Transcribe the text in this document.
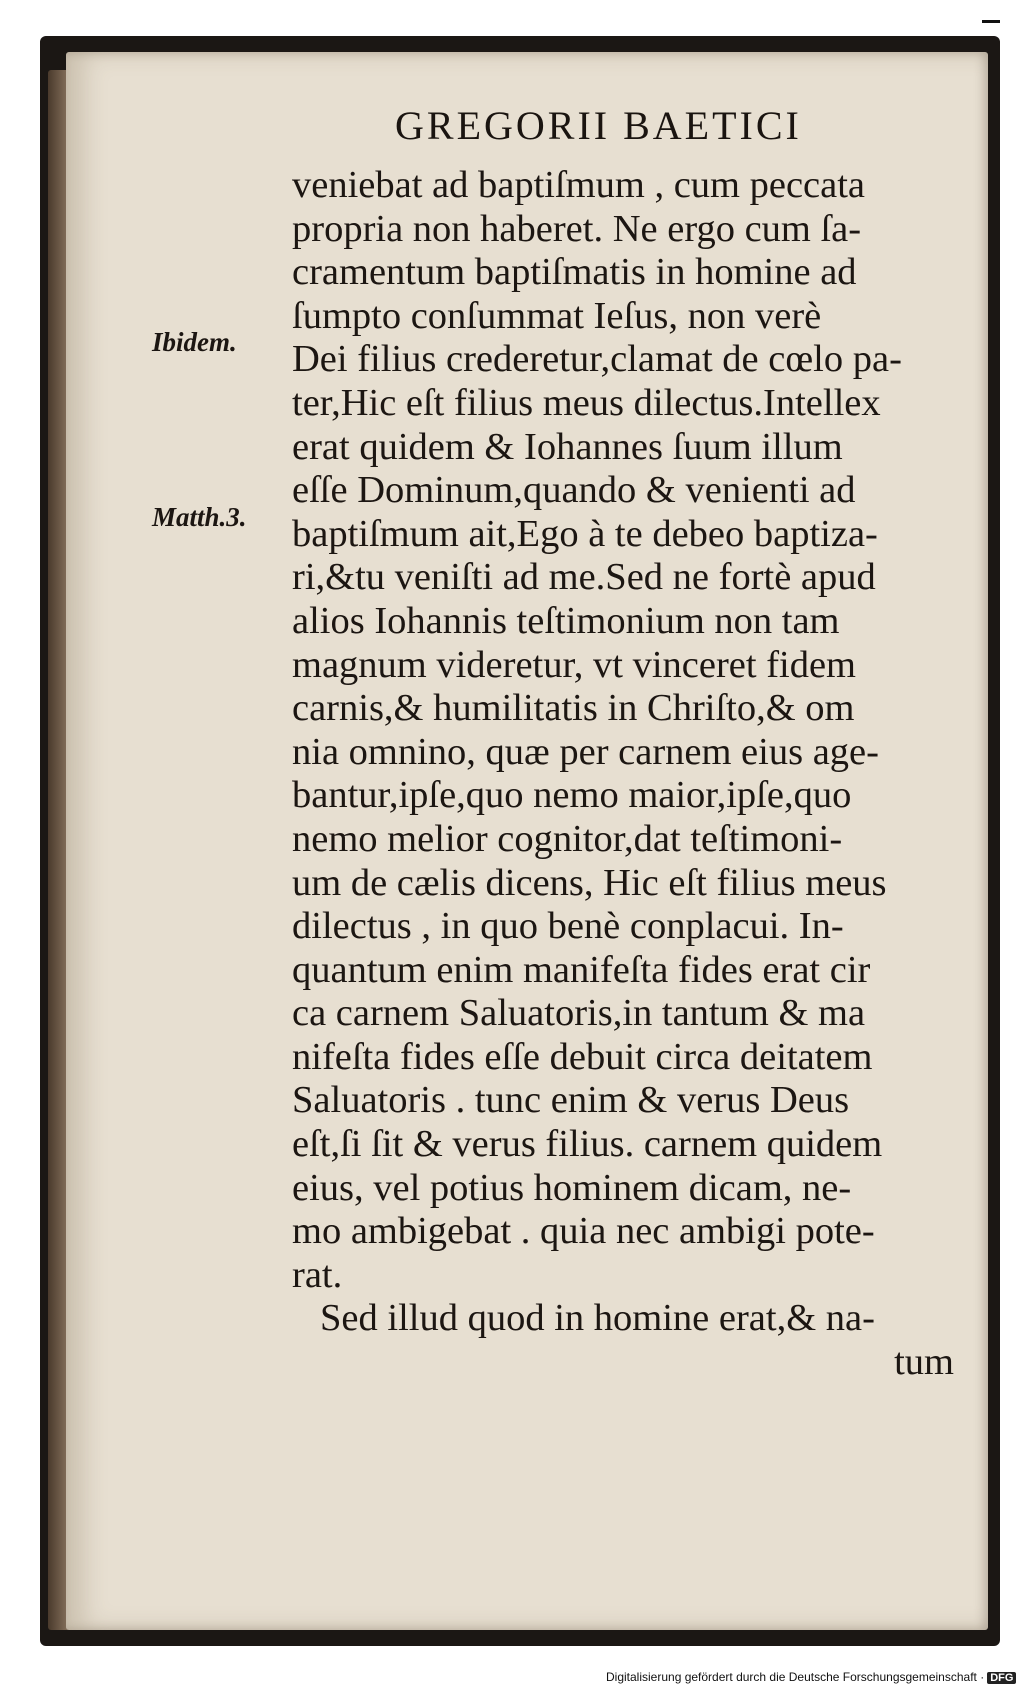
GREGORII BAETICI
Ibidem.
Matth.3.
veniebat ad baptiſmum , cum peccata
propria non haberet. Ne ergo cum ſa-
cramentum baptiſmatis in homine ad
ſumpto conſummat Ieſus, non verè
Dei filius crederetur,clamat de cœlo pa-
ter,Hic eſt filius meus dilectus.Intellex
erat quidem & Iohannes ſuum illum
eſſe Dominum,quando & venienti ad
baptiſmum ait,Ego à te debeo baptiza-
ri,&tu veniſti ad me.Sed ne fortè apud
alios Iohannis teſtimonium non tam
magnum videretur, vt vinceret fidem
carnis,& humilitatis in Chriſto,& om
nia omnino, quæ per carnem eius age-
bantur,ipſe,quo nemo maior,ipſe,quo
nemo melior cognitor,dat teſtimoni-
um de cælis dicens, Hic eſt filius meus
dilectus , in quo benè conplacui. In-
quantum enim manifeſta fides erat cir
ca carnem Saluatoris,in tantum & ma
nifeſta fides eſſe debuit circa deitatem
Saluatoris . tunc enim & verus Deus
eſt,ſi ſit & verus filius. carnem quidem
eius, vel potius hominem dicam, ne-
mo ambigebat . quia nec ambigi pote-
rat.
Sed illud quod in homine erat,& na-
tum
Digitalisierung gefördert durch die Deutsche Forschungsgemeinschaft · DFG
